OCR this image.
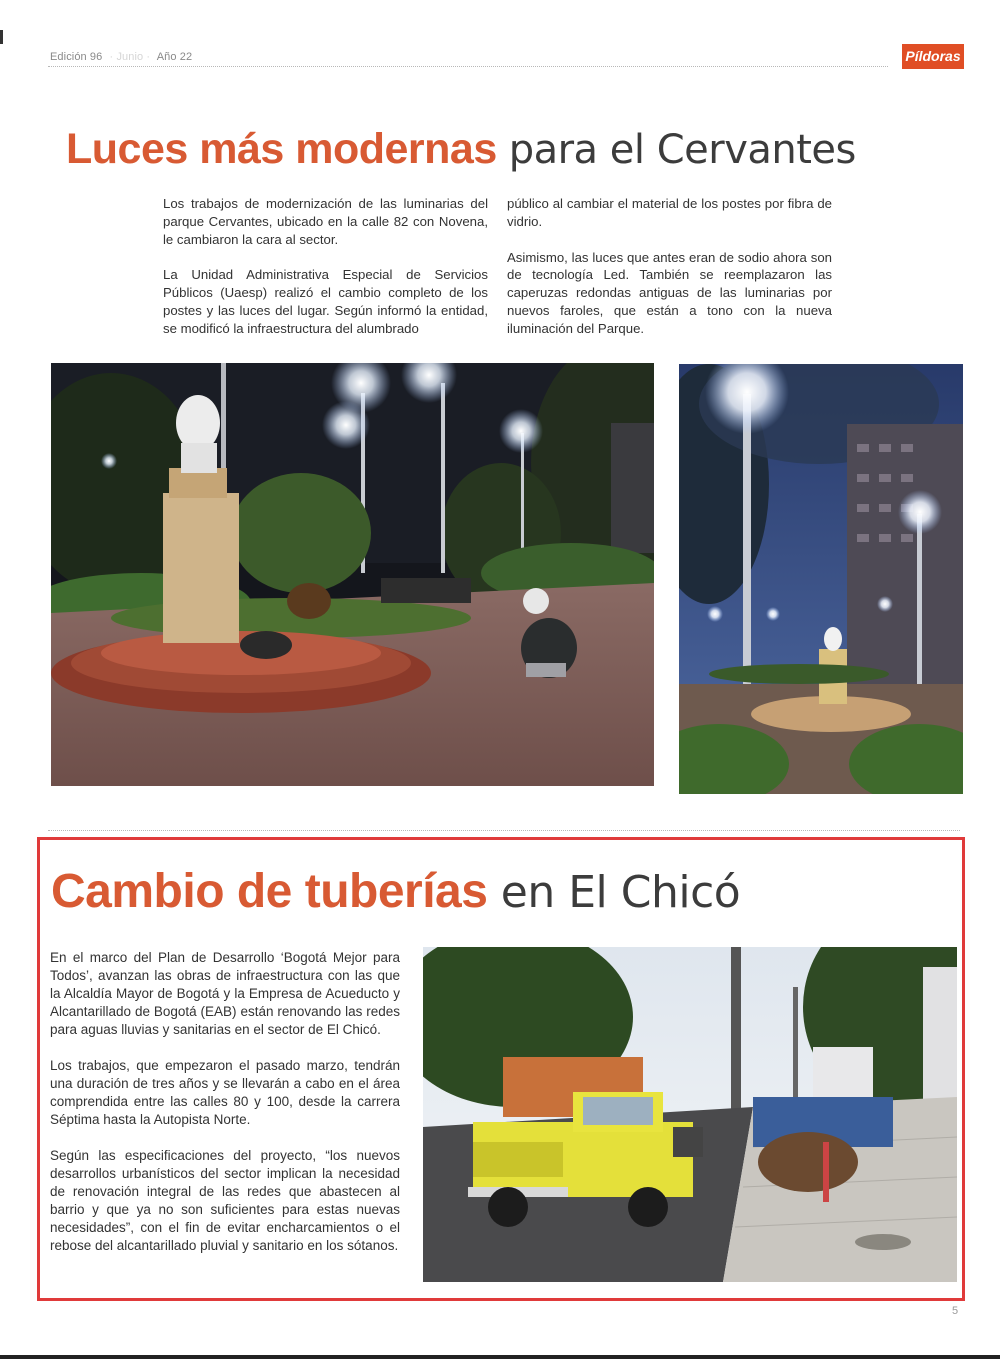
Edición 96 · Junio · Año 22	Píldoras
Luces más modernas para el Cervantes

Los trabajos de modernización de las luminarias del parque Cervantes, ubicado en la calle 82 con Novena, le cambiaron la cara al sector.

La Unidad Administrativa Especial de Servicios Públicos (Uaesp) realizó el cambio completo de los postes y las luces del lugar. Según informó la entidad, se modificó la infraestructura del alumbrado

público al cambiar el material de los postes por fibra de vidrio.

Asimismo, las luces que antes eran de sodio ahora son de tecnología Led. También se reemplazaron las caperuzas redondas antiguas de las luminarias por nuevos faroles, que están a tono con la nueva iluminación del Parque.

Cambio de tuberías en El Chicó

En el marco del Plan de Desarrollo ‘Bogotá Mejor para Todos’, avanzan las obras de infraestructura con las que la Alcaldía Mayor de Bogotá y la Empresa de Acueducto y Alcantarillado de Bogotá (EAB) están renovando las redes para aguas lluvias y sanitarias en el sector de El Chicó.

Los trabajos, que empezaron el pasado marzo, tendrán una duración de tres años y se llevarán a cabo en el área comprendida entre las calles 80 y 100, desde la carrera Séptima hasta la Autopista Norte.

Según las especificaciones del proyecto, “los nuevos desarrollos urbanísticos del sector implican la necesidad de renovación integral de las redes que abastecen al barrio y que ya no son suficientes para estas nuevas necesidades”, con el fin de evitar encharcamientos o el rebose del alcantarillado pluvial y sanitario en los sótanos.

5
